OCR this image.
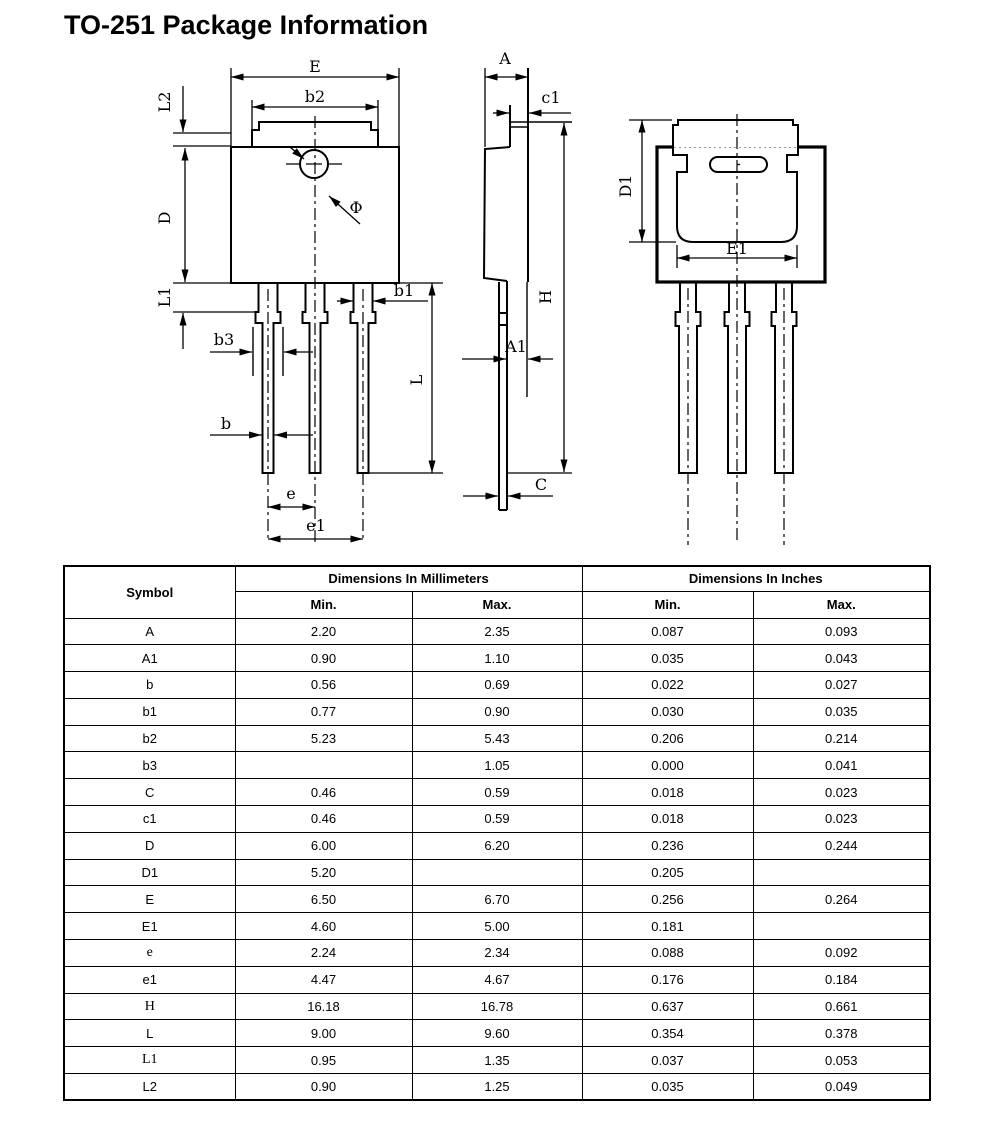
TO-251 Package Information
E
b2
L2
D
Φ
L1
b3
b
b1
L
e
e1
A
c1
H
A1
C
D1
E1
Symbol	Dimensions In Millimeters		Dimensions In Inches	
	Min.	Max.	Min.	Max.
A	2.20	2.35	0.087	0.093
A1	0.90	1.10	0.035	0.043
b	0.56	0.69	0.022	0.027
b1	0.77	0.90	0.030	0.035
b2	5.23	5.43	0.206	0.214
b3		1.05	0.000	0.041
C	0.46	0.59	0.018	0.023
c1	0.46	0.59	0.018	0.023
D	6.00	6.20	0.236	0.244
D1	5.20		0.205	
E	6.50	6.70	0.256	0.264
E1	4.60	5.00	0.181	
e	2.24	2.34	0.088	0.092
e1	4.47	4.67	0.176	0.184
H	16.18	16.78	0.637	0.661
L	9.00	9.60	0.354	0.378
L1	0.95	1.35	0.037	0.053
L2	0.90	1.25	0.035	0.049
